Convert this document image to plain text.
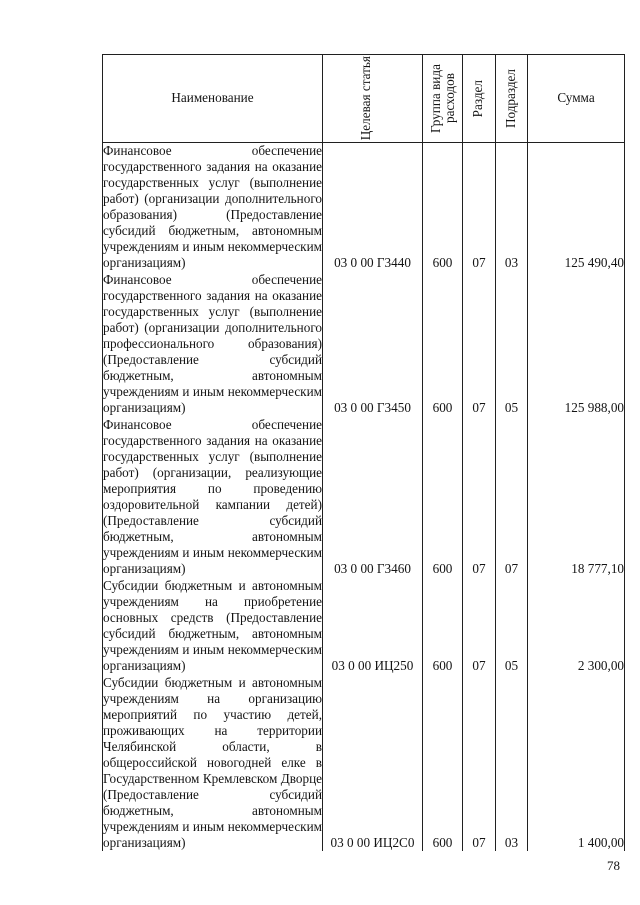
Наименование	Целевая статья	Группа вида расходов	Раздел	Подраздел	Сумма
Финансовое обеспечение государственного задания на оказание государственных услуг (выполнение работ) (организации дополнительного образования) (Предоставление субсидий бюджетным, автономным учреждениям и иным некоммерческим организациям)	03 0 00 Г3440	600	07	03	125 490,40
Финансовое обеспечение государственного задания на оказание государственных услуг (выполнение работ) (организации дополнительного профессионального образования) (Предоставление субсидий бюджетным, автономным учреждениям и иным некоммерческим организациям)	03 0 00 Г3450	600	07	05	125 988,00
Финансовое обеспечение государственного задания на оказание государственных услуг (выполнение работ) (организации, реализующие мероприятия по проведению оздоровительной кампании детей) (Предоставление субсидий бюджетным, автономным учреждениям и иным некоммерческим организациям)	03 0 00 Г3460	600	07	07	18 777,10
Субсидии бюджетным и автономным учреждениям на приобретение основных средств (Предоставление субсидий бюджетным, автономным учреждениям и иным некоммерческим организациям)	03 0 00 ИЦ250	600	07	05	2 300,00
Субсидии бюджетным и автономным учреждениям на организацию мероприятий по участию детей, проживающих на территории Челябинской области, в общероссийской новогодней елке в Государственном Кремлевском Дворце (Предоставление субсидий бюджетным, автономным учреждениям и иным некоммерческим организациям)	03 0 00 ИЦ2С0	600	07	03	1 400,00
78
